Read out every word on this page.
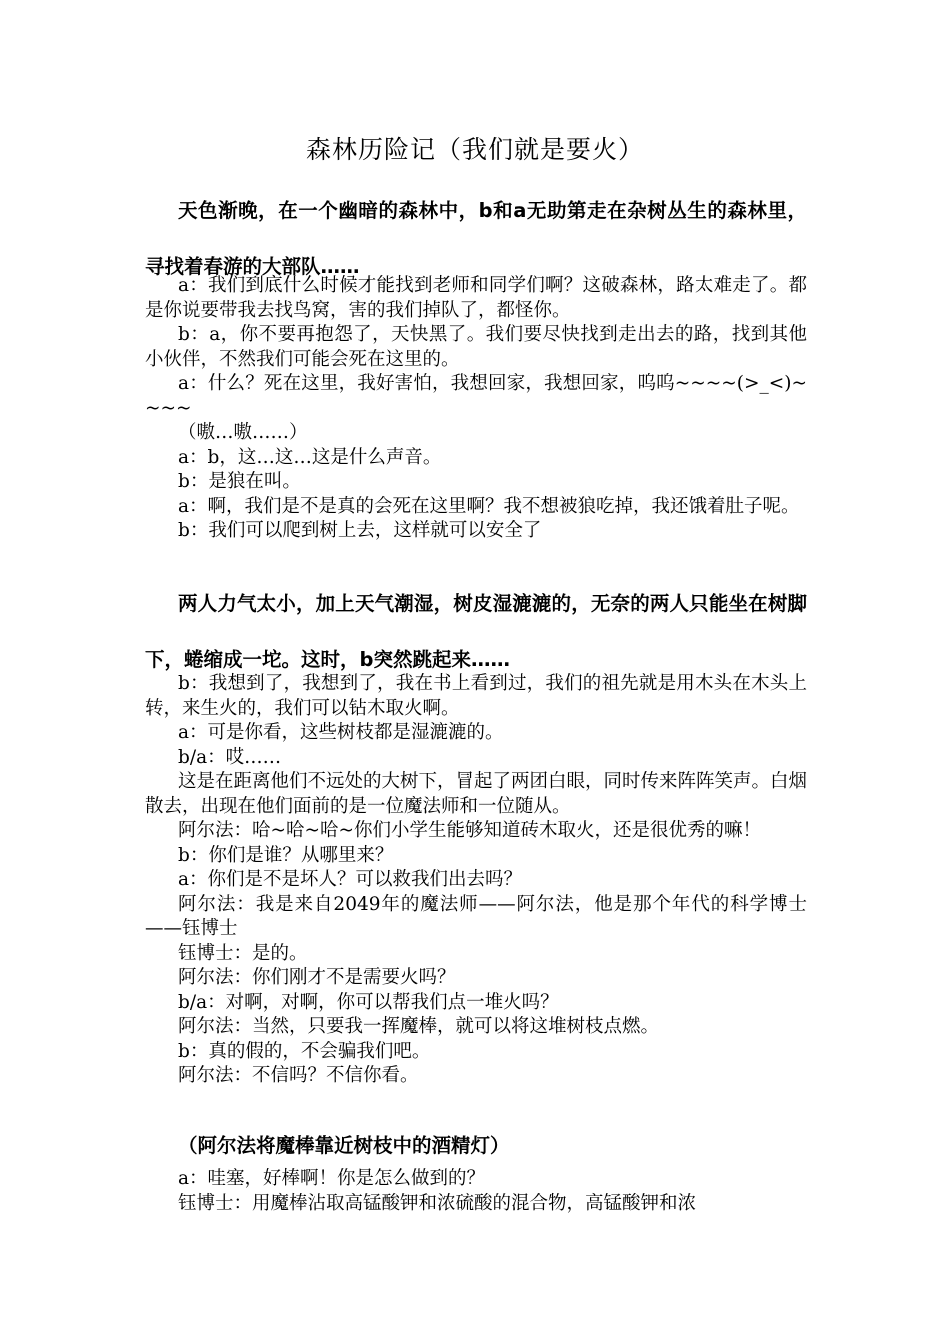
森林历险记（我们就是要火）

天色渐晚，在一个幽暗的森林中，b和a无助第走在杂树丛生的森林里，寻找着春游的大部队……

a：我们到底什么时候才能找到老师和同学们啊？这破森林，路太难走了。都是你说要带我去找鸟窝，害的我们掉队了，都怪你。

b：a，你不要再抱怨了，天快黑了。我们要尽快找到走出去的路，找到其他小伙伴，不然我们可能会死在这里的。

a：什么？死在这里，我好害怕，我想回家，我想回家，呜呜~~~~(>_<)~~~~

（嗷…嗷……）

a：b，这…这…这是什么声音。

b：是狼在叫。

a：啊，我们是不是真的会死在这里啊？我不想被狼吃掉，我还饿着肚子呢。

b：我们可以爬到树上去，这样就可以安全了

两人力气太小，加上天气潮湿，树皮湿漉漉的，无奈的两人只能坐在树脚下，蜷缩成一坨。这时，b突然跳起来……

b：我想到了，我想到了，我在书上看到过，我们的祖先就是用木头在木头上转，来生火的，我们可以钻木取火啊。

a：可是你看，这些树枝都是湿漉漉的。

b/a：哎……

这是在距离他们不远处的大树下，冒起了两团白眼，同时传来阵阵笑声。白烟散去，出现在他们面前的是一位魔法师和一位随从。

阿尔法：哈~哈~哈~你们小学生能够知道砖木取火，还是很优秀的嘛！

b：你们是谁？从哪里来？

a：你们是不是坏人？可以救我们出去吗？

阿尔法：我是来自2049年的魔法师——阿尔法，他是那个年代的科学博士——钰博士

钰博士：是的。

阿尔法：你们刚才不是需要火吗？

b/a：对啊，对啊，你可以帮我们点一堆火吗？

阿尔法：当然，只要我一挥魔棒，就可以将这堆树枝点燃。

b：真的假的，不会骗我们吧。

阿尔法：不信吗？不信你看。

（阿尔法将魔棒靠近树枝中的酒精灯）

a：哇塞，好棒啊！你是怎么做到的？

钰博士：用魔棒沾取高锰酸钾和浓硫酸的混合物，高锰酸钾和浓
